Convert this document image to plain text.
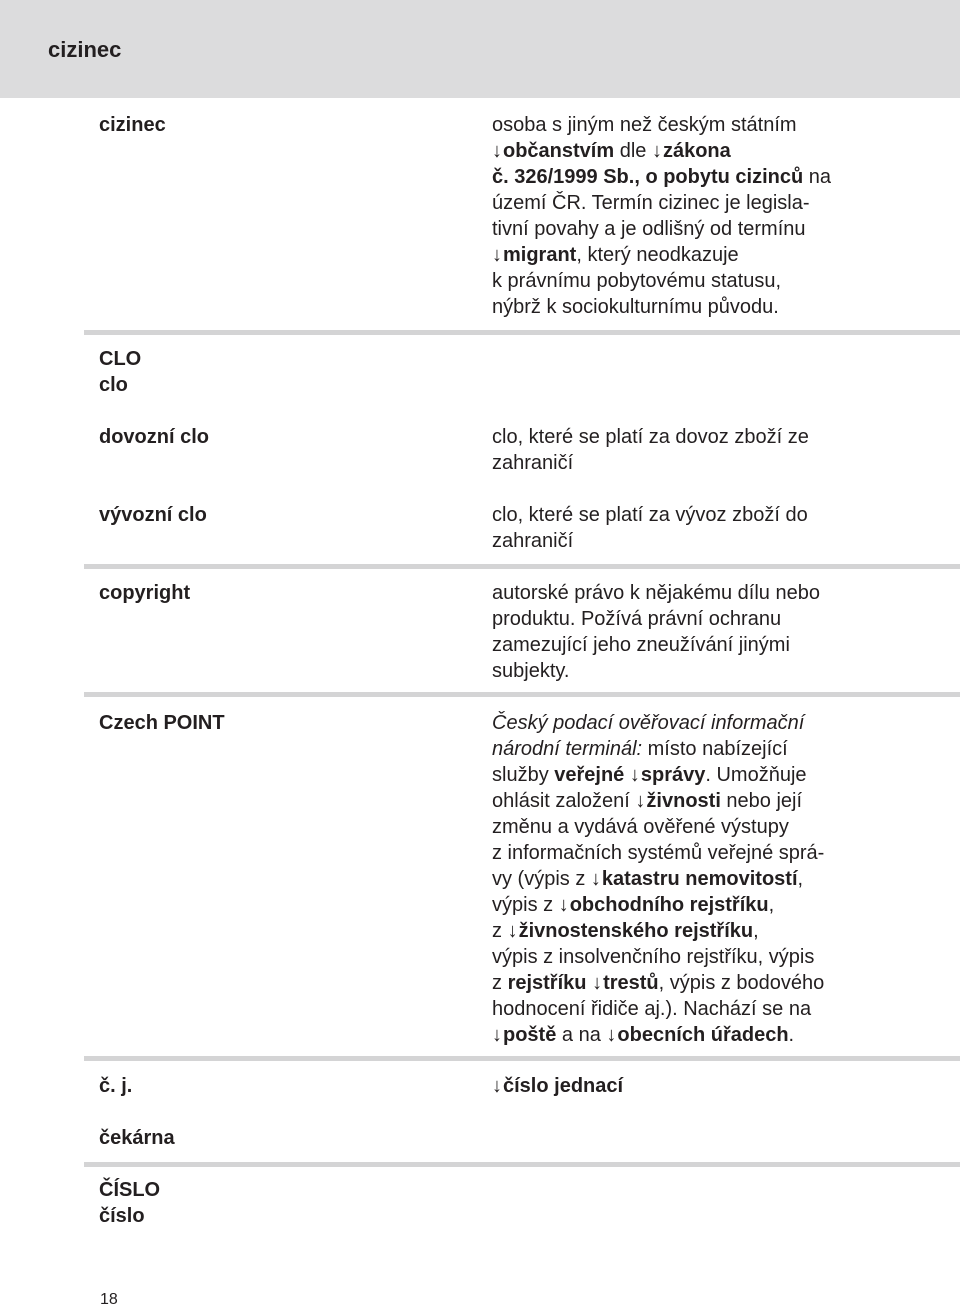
cizinec
cizinec	osoba s jiným než českým státním

↓občanstvím dle ↓zákona

č. 326/1999 Sb., o pobytu cizinců na území ČR. Termín cizinec je legisla-

tivní povahy a je odlišný od termínu

↓migrant, který neodkazuje

k právnímu pobytovému statusu,

nýbrž k sociokulturnímu původu.

CLO
clo
dovozní clo	clo, které se platí za dovoz zboží ze

zahraničí

vývozní clo	clo, které se platí za vývoz zboží do

zahraničí

copyright	autorské právo k nějakému dílu nebo

produktu. Požívá právní ochranu

zamezující jeho zneužívání jinými

subjekty.

Czech POINT	Český podací ověřovací informační

národní terminál: místo nabízející

služby veřejné ↓správy. Umožňuje

ohlásit založení ↓živnosti nebo její

změnu a vydává ověřené výstupy

z informačních systémů veřejné sprá-

vy (výpis z ↓katastru nemovitostí,

výpis z ↓obchodního rejstříku,

z ↓živnostenského rejstříku,

výpis z insolvenčního rejstříku, výpis

z rejstříku ↓trestů, výpis z bodového

hodnocení řidiče aj.). Nachází se na

↓poště a na ↓obecních úřadech.

č. j.	↓číslo jednací

čekárna
ČÍSLO
číslo
18
